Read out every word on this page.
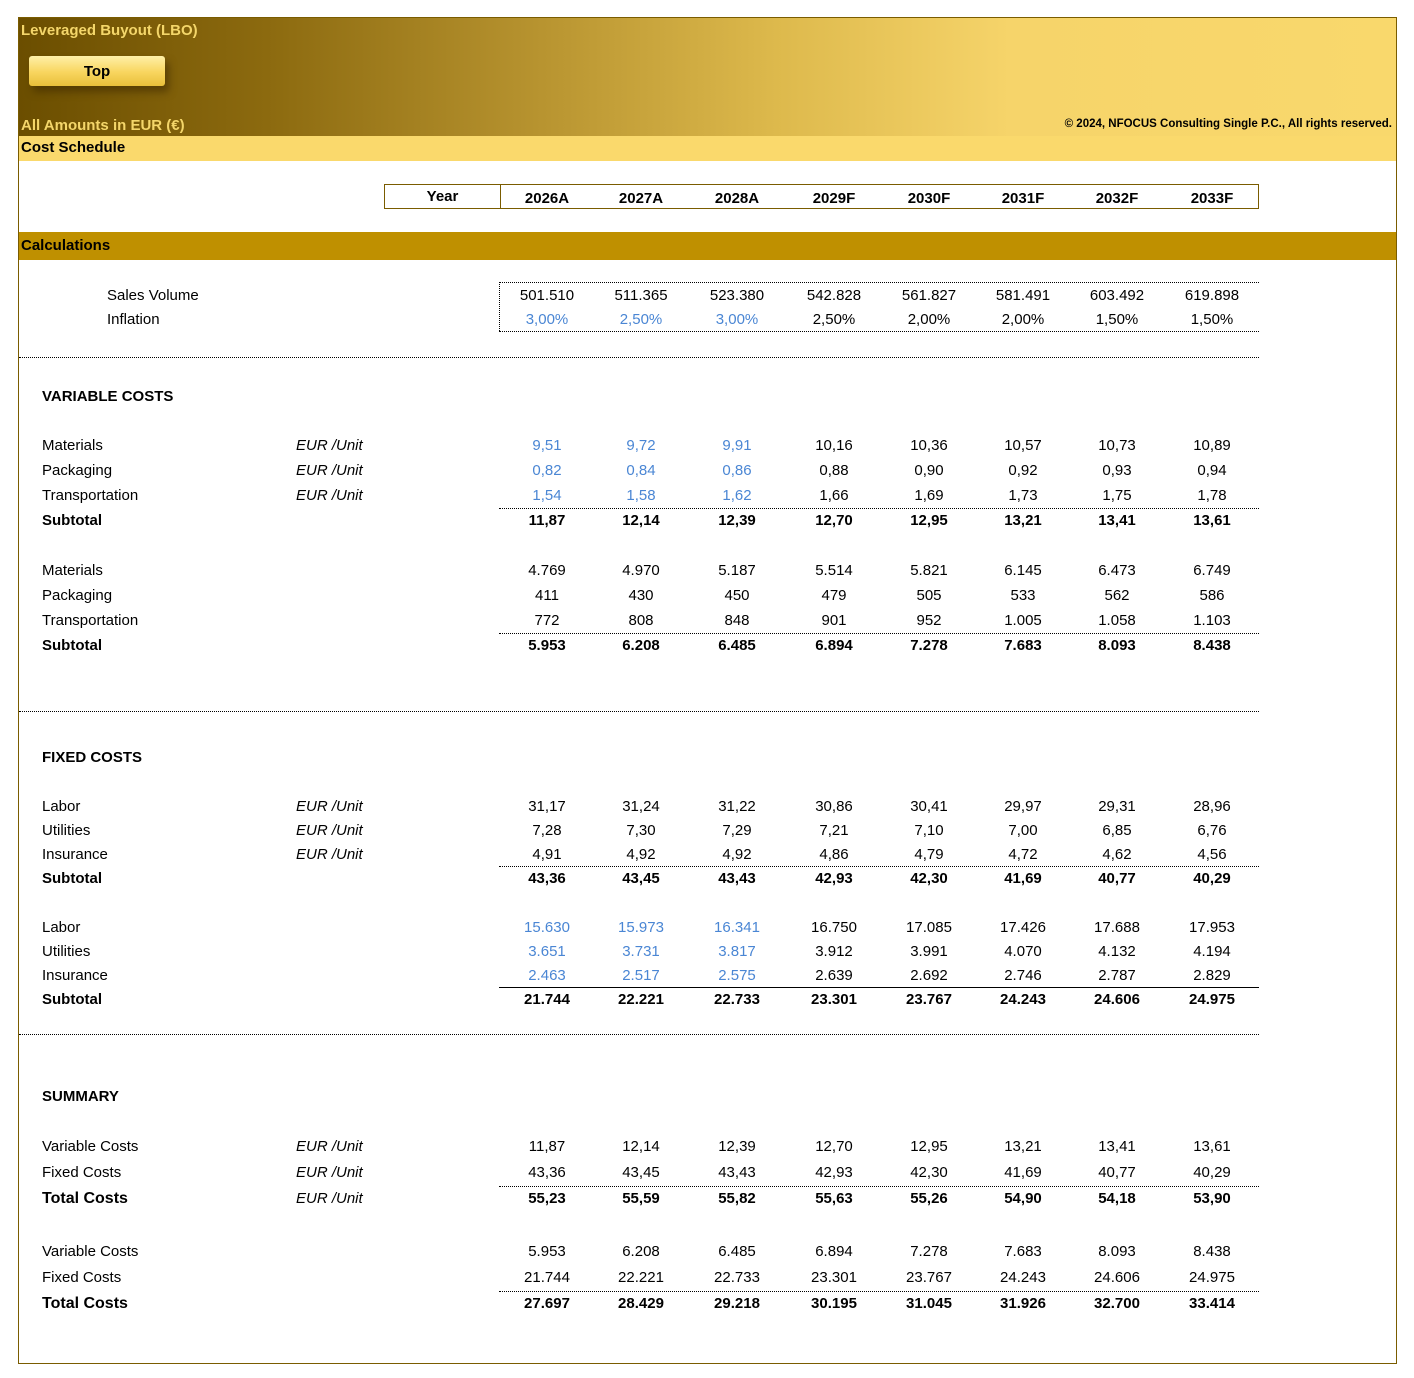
Leveraged Buyout (LBO)
Top
All Amounts in EUR (€)	© 2024, NFOCUS Consulting Single P.C., All rights reserved.
Cost Schedule
Year
Calculations
2026A	2027A	2028A	2029F	2030F	2031F	2032F	2033F
Sales Volume	501.510	511.365	523.380	542.828	561.827	581.491	603.492	619.898
Inflation	3,00%	2,50%	3,00%	2,50%	2,00%	2,00%	1,50%	1,50%
VARIABLE COSTS
Materials	EUR /Unit	9,51	9,72	9,91	10,16	10,36	10,57	10,73	10,89
Packaging	EUR /Unit	0,82	0,84	0,86	0,88	0,90	0,92	0,93	0,94
Transportation	EUR /Unit	1,54	1,58	1,62	1,66	1,69	1,73	1,75	1,78
Subtotal	11,87	12,14	12,39	12,70	12,95	13,21	13,41	13,61
Materials	4.769	4.970	5.187	5.514	5.821	6.145	6.473	6.749
Packaging	411	430	450	479	505	533	562	586
Transportation	772	808	848	901	952	1.005	1.058	1.103
Subtotal	5.953	6.208	6.485	6.894	7.278	7.683	8.093	8.438
FIXED COSTS
Labor	EUR /Unit	31,17	31,24	31,22	30,86	30,41	29,97	29,31	28,96
Utilities	EUR /Unit	7,28	7,30	7,29	7,21	7,10	7,00	6,85	6,76
Insurance	EUR /Unit	4,91	4,92	4,92	4,86	4,79	4,72	4,62	4,56
Subtotal	43,36	43,45	43,43	42,93	42,30	41,69	40,77	40,29
Labor	15.630	15.973	16.341	16.750	17.085	17.426	17.688	17.953
Utilities	3.651	3.731	3.817	3.912	3.991	4.070	4.132	4.194
Insurance	2.463	2.517	2.575	2.639	2.692	2.746	2.787	2.829
Subtotal	21.744	22.221	22.733	23.301	23.767	24.243	24.606	24.975
SUMMARY
Variable Costs	EUR /Unit	11,87	12,14	12,39	12,70	12,95	13,21	13,41	13,61
Fixed Costs	EUR /Unit	43,36	43,45	43,43	42,93	42,30	41,69	40,77	40,29
Total Costs	EUR /Unit	55,23	55,59	55,82	55,63	55,26	54,90	54,18	53,90
Variable Costs	5.953	6.208	6.485	6.894	7.278	7.683	8.093	8.438
Fixed Costs	21.744	22.221	22.733	23.301	23.767	24.243	24.606	24.975
Total Costs	27.697	28.429	29.218	30.195	31.045	31.926	32.700	33.414
